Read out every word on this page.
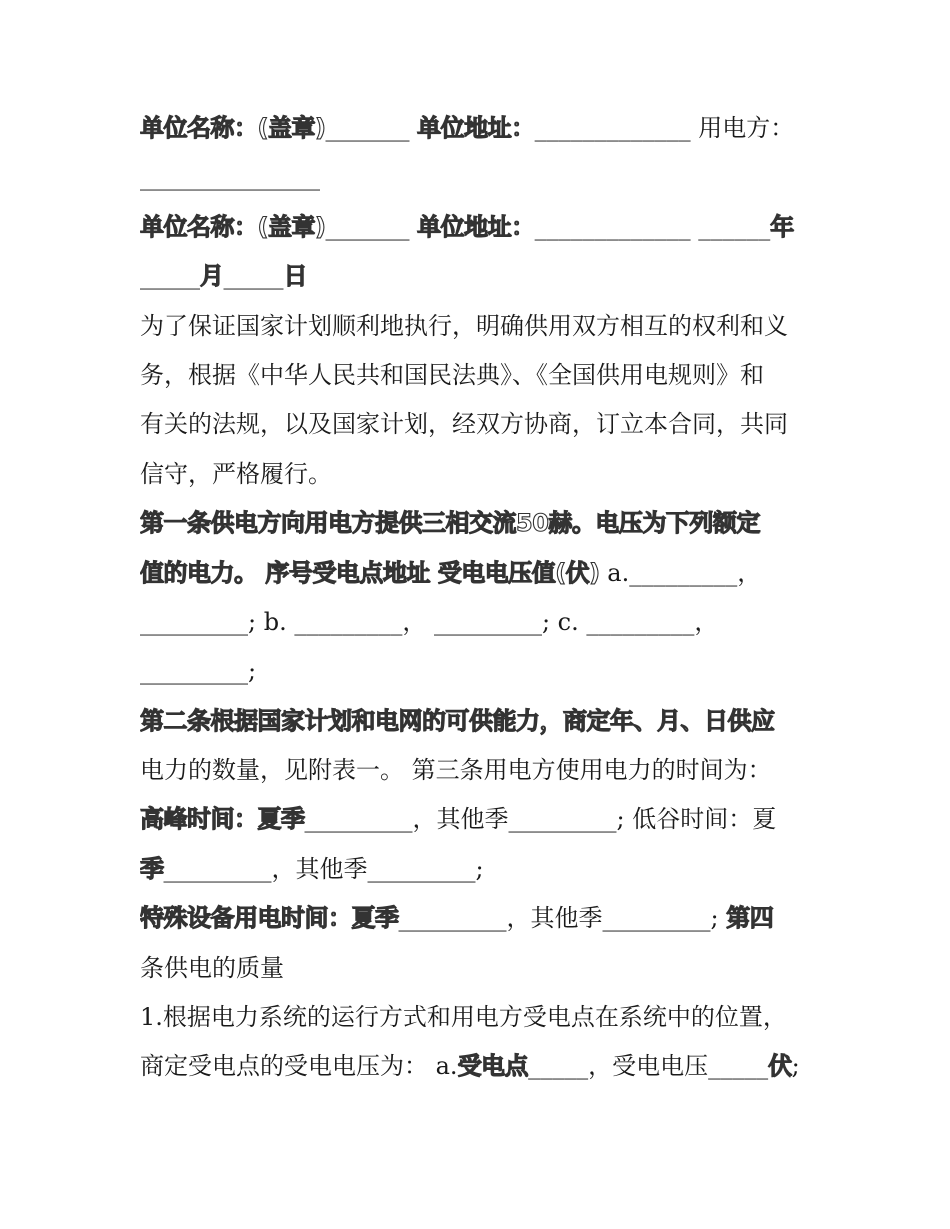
单位名称：(盖章)_______ 单位地址：_____________ 用电方：
_______________
单位名称：(盖章)_______ 单位地址：_____________ ______年
_____月_____日
为了保证国家计划顺利地执行，明确供用双方相互的权利和义
务，根据《中华人民共和国民法典》、《全国供用电规则》和
有关的法规，以及国家计划，经双方协商，订立本合同，共同
信守，严格履行。
第一条供电方向用电方提供三相交流50赫。电压为下列额定
值的电力。 序号受电点地址 受电电压值(伏) a._________，
_________; b. _________， _________; c. _________，
_________;
第二条根据国家计划和电网的可供能力，商定年、月、日供应
电力的数量，见附表一。 第三条用电方使用电力的时间为：
高峰时间：夏季_________，其他季_________; 低谷时间：夏
季_________，其他季_________;
特殊设备用电时间：夏季_________，其他季_________; 第四
条供电的质量
1.根据电力系统的运行方式和用电方受电点在系统中的位置，
商定受电点的受电电压为： a.受电点_____，受电电压_____伏;
